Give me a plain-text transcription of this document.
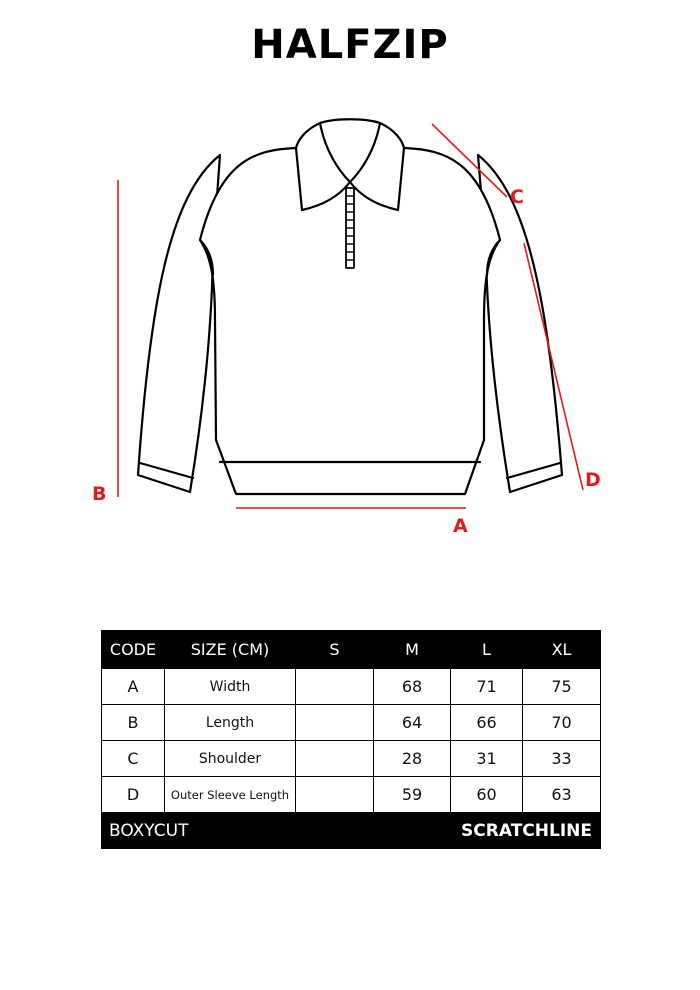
HALFZIP
A
B
C
D
CODE	SIZE (CM)	S	M	L	XL
A	Width		68	71	75
B	Length		64	66	70
C	Shoulder		28	31	33
D	Outer Sleeve Length		59	60	63
BOXYCUT			SCRATCHLINE		
